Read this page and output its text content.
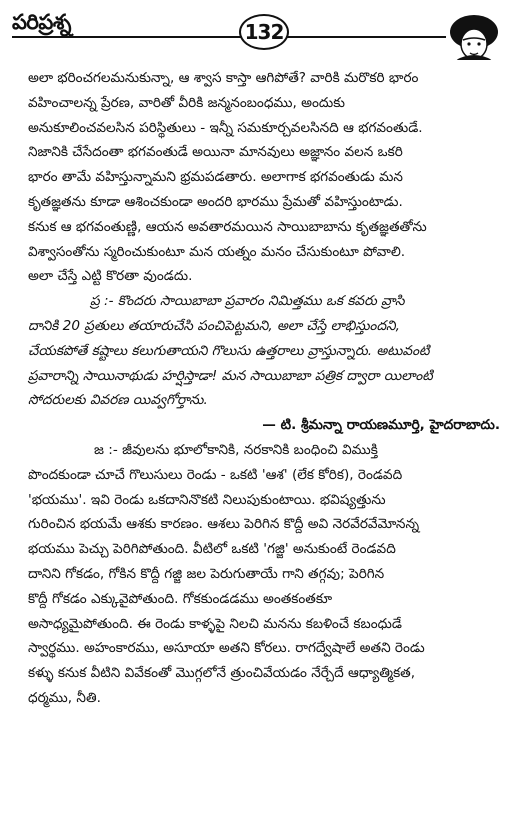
పరిప్రశ్న	132
అలా భరించగలమనుకున్నా, ఆ శ్వాస కాస్తా ఆగిపోతే? వారికి మరొకరి భారం
వహించాలన్న ప్రేరణ, వారితో వీరికి జన్మనంబంధము, అందుకు
అనుకూలించవలసిన పరిస్థితులు - ఇన్నీ సమకూర్చవలసినది ఆ భగవంతుడే.
నిజానికి చేసేదంతా భగవంతుడే అయినా మానవులు అజ్ఞానం వలన ఒకరి
భారం తామే వహిస్తున్నామని భ్రమపడతారు. అలాగాక భగవంతుడు మన
కృతజ్ఞతను కూడా ఆశించకుండా అందరి భారము ప్రేమతో వహిస్తుంటాడు.
కనుక ఆ భగవంతుణ్ణి, ఆయన అవతారమయిన సాయిబాబాను కృతజ్ఞతతోను
విశ్వాసంతోను స్మరించుకుంటూ మన యత్నం మనం చేసుకుంటూ పోవాలి.
అలా చేస్తే ఎట్టి కొరతా వుండదు.
ప్ర :- కొందరు సాయిబాబా ప్రవారం నిమిత్తము ఒక కవరు వ్రాసి
దానికి 20 ప్రతులు తయారుచేసి పంచిపెట్టమని, అలా చేస్తే లాభిస్తుందని,
చేయకపోతే కష్టాలు కలుగుతాయని గొలుసు ఉత్తరాలు వ్రాస్తున్నారు. అటువంటి
ప్రవారాన్ని సాయినాథుడు హర్షిస్తాడా! మన సాయిబాబా పత్రిక ద్వారా యిలాంటి
సోదరులకు వివరణ యివ్వగోర్తాను.
— టి. శ్రీమన్నా రాయణమూర్తి, హైదరాబాదు.
జ :- జీవులను భూలోకానికి, నరకానికి బంధించి విముక్తి
పొందకుండా చూచే గొలుసులు రెండు - ఒకటి 'ఆశ' (లేక కోరిక), రెండవది
'భయము'. ఇవి రెండు ఒకదానినొకటి నిలుపుకుంటాయి. భవిష్యత్తును
గురించిన భయమే ఆశకు కారణం. ఆశలు పెరిగిన కొద్దీ అవి నెరవేరవేమోనన్న
భయము పెచ్చు పెరిగిపోతుంది. వీటిలో ఒకటి 'గజ్జి' అనుకుంటే రెండవది
దానిని గోకడం, గోకిన కొద్దీ గజ్జి జల పెరుగుతాయే గాని తగ్గవు; పెరిగిన
కొద్దీ గోకడం ఎక్కువైపోతుంది. గోకకుండడము అంతకంతకూ
అసాధ్యమైపోతుంది. ఈ రెండు కాళ్ళపై నిలచి మనను కబళించే కబంధుడే
స్వార్థము. అహంకారము, అసూయా అతని కోరలు. రాగద్వేషాలే అతని రెండు
కళ్ళు కనుక వీటిని వివేకంతో మొగ్గలోనే త్రుంచివేయడం నేర్చేదే ఆధ్యాత్మికత,
ధర్మము, నీతి.
